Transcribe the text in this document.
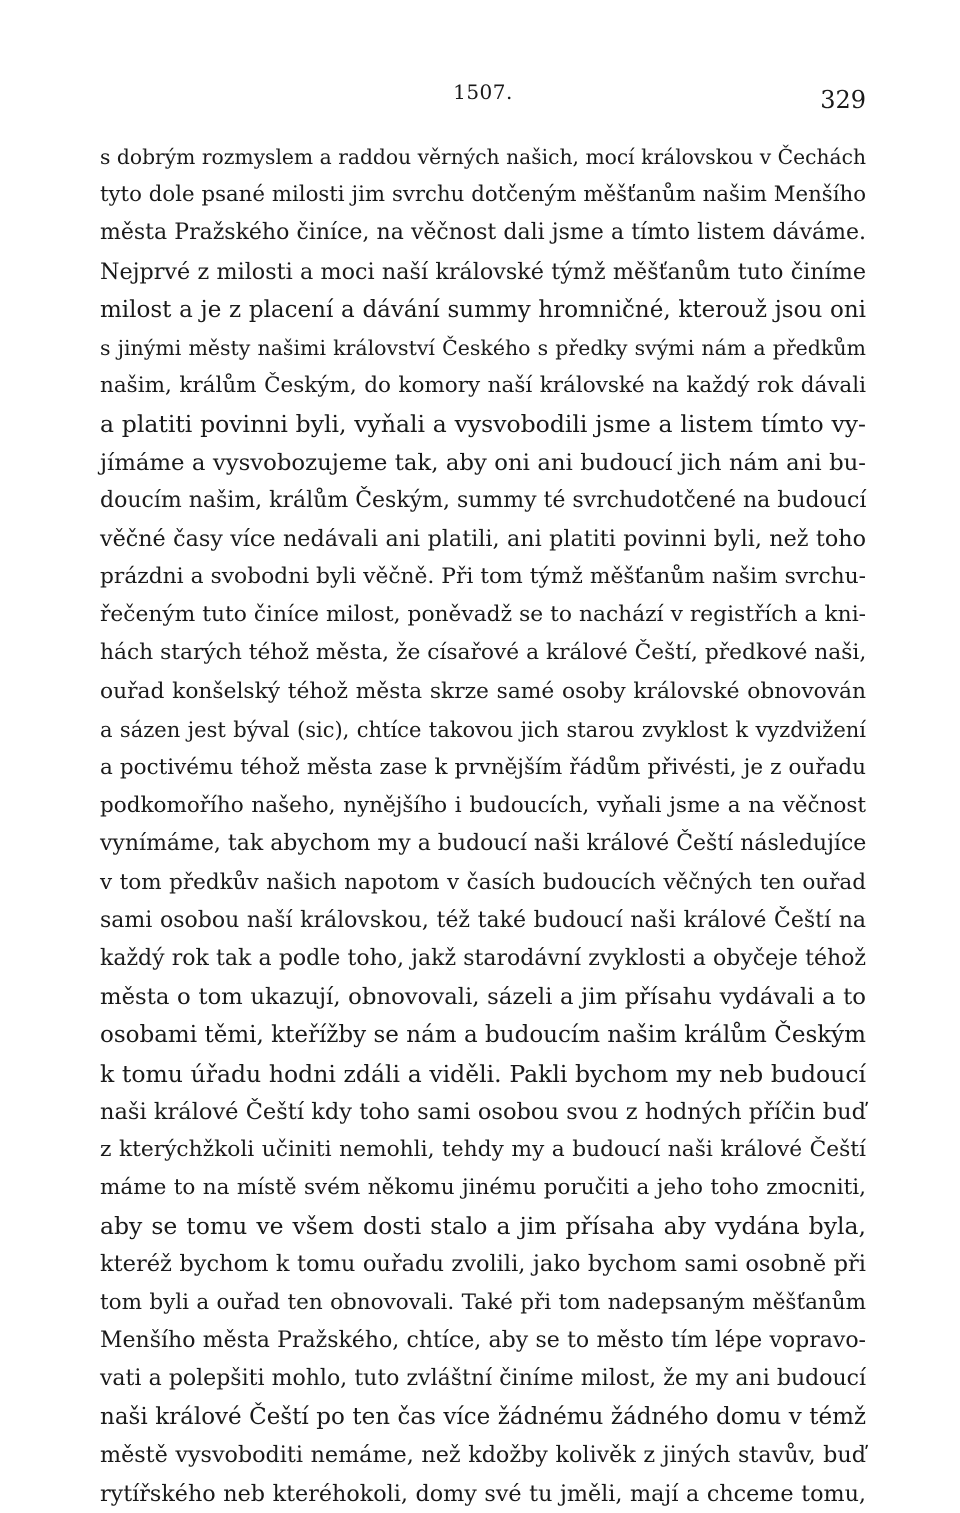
1507.	329
s dobrým rozmyslem a raddou věrných našich, mocí královskou v Čechách
tyto dole psané milosti jim svrchu dotčeným měšťanům našim Menšího
města Pražského činíce, na věčnost dali jsme a tímto listem dáváme.
Nejprvé z milosti a moci naší královské týmž měšťanům tuto činíme
milost a je z placení a dávání summy hromničné, kterouž jsou oni
s jinými městy našimi království Českého s předky svými nám a předkům
našim, králům Českým, do komory naší královské na každý rok dávali
a platiti povinni byli, vyňali a vysvobodili jsme a listem tímto vy-
jímáme a vysvobozujeme tak, aby oni ani budoucí jich nám ani bu-
doucím našim, králům Českým, summy té svrchudotčené na budoucí
věčné časy více nedávali ani platili, ani platiti povinni byli, než toho
prázdni a svobodni byli věčně. Při tom týmž měšťanům našim svrchu-
řečeným tuto činíce milost, poněvadž se to nachází v registřích a kni-
hách starých téhož města, že císařové a králové Čeští, předkové naši,
ouřad konšelský téhož města skrze samé osoby královské obnovován
a sázen jest býval (sic), chtíce takovou jich starou zvyklost k vyzdvižení
a poctivému téhož města zase k prvnějším řádům přivésti, je z ouřadu
podkomořího našeho, nynějšího i budoucích, vyňali jsme a na věčnost
vynímáme, tak abychom my a budoucí naši králové Čeští následujíce
v tom předkův našich napotom v časích budoucích věčných ten ouřad
sami osobou naší královskou, též také budoucí naši králové Čeští na
každý rok tak a podle toho, jakž starodávní zvyklosti a obyčeje téhož
města o tom ukazují, obnovovali, sázeli a jim přísahu vydávali a to
osobami těmi, kteřížby se nám a budoucím našim králům Českým
k tomu úřadu hodni zdáli a viděli. Pakli bychom my neb budoucí
naši králové Čeští kdy toho sami osobou svou z hodných příčin buď
z kterýchžkoli učiniti nemohli, tehdy my a budoucí naši králové Čeští
máme to na místě svém někomu jinému poručiti a jeho toho zmocniti,
aby se tomu ve všem dosti stalo a jim přísaha aby vydána byla,
kteréž bychom k tomu ouřadu zvolili, jako bychom sami osobně při
tom byli a ouřad ten obnovovali. Také při tom nadepsaným měšťanům
Menšího města Pražského, chtíce, aby se to město tím lépe vopravo-
vati a polepšiti mohlo, tuto zvláštní činíme milost, že my ani budoucí
naši králové Čeští po ten čas více žádnému žádného domu v témž
městě vysvoboditi nemáme, než kdožby kolivěk z jiných stavův, buď
rytířského neb kteréhokoli, domy své tu jměli, mají a chceme tomu,
